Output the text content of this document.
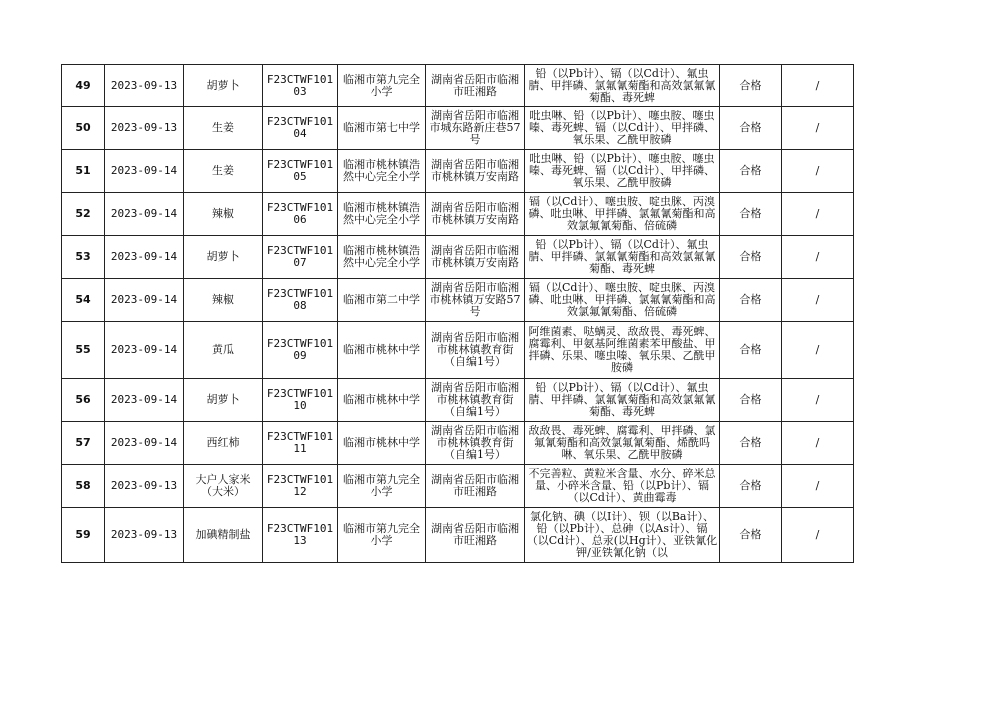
49	2023-09-13	胡萝卜	F23CTWF10103	临湘市第九完全小学	湖南省岳阳市临湘市旺湘路	铅（以Pb计）、镉（以Cd计）、氟虫腈、甲拌磷、氯氟氰菊酯和高效氯氟氰菊酯、毒死蜱	合格	/
50	2023-09-13	生姜	F23CTWF10104	临湘市第七中学	湖南省岳阳市临湘市城东路新庄巷57号	吡虫啉、铅（以Pb计）、噻虫胺、噻虫嗪、毒死蜱、镉（以Cd计）、甲拌磷、氧乐果、乙酰甲胺磷	合格	/
51	2023-09-14	生姜	F23CTWF10105	临湘市桃林镇浩然中心完全小学	湖南省岳阳市临湘市桃林镇万安南路	吡虫啉、铅（以Pb计）、噻虫胺、噻虫嗪、毒死蜱、镉（以Cd计）、甲拌磷、氧乐果、乙酰甲胺磷	合格	/
52	2023-09-14	辣椒	F23CTWF10106	临湘市桃林镇浩然中心完全小学	湖南省岳阳市临湘市桃林镇万安南路	镉（以Cd计）、噻虫胺、啶虫脒、丙溴磷、吡虫啉、甲拌磷、氯氟氰菊酯和高效氯氟氰菊酯、倍硫磷	合格	/
53	2023-09-14	胡萝卜	F23CTWF10107	临湘市桃林镇浩然中心完全小学	湖南省岳阳市临湘市桃林镇万安南路	铅（以Pb计）、镉（以Cd计）、氟虫腈、甲拌磷、氯氟氰菊酯和高效氯氟氰菊酯、毒死蜱	合格	/
54	2023-09-14	辣椒	F23CTWF10108	临湘市第二中学	湖南省岳阳市临湘市桃林镇万安路57号	镉（以Cd计）、噻虫胺、啶虫脒、丙溴磷、吡虫啉、甲拌磷、氯氟氰菊酯和高效氯氟氰菊酯、倍硫磷	合格	/
55	2023-09-14	黄瓜	F23CTWF10109	临湘市桃林中学	湖南省岳阳市临湘市桃林镇教育街（自编1号）	阿维菌素、哒螨灵、敌敌畏、毒死蜱、腐霉利、甲氨基阿维菌素苯甲酸盐、甲拌磷、乐果、噻虫嗪、氧乐果、乙酰甲胺磷	合格	/
56	2023-09-14	胡萝卜	F23CTWF10110	临湘市桃林中学	湖南省岳阳市临湘市桃林镇教育街（自编1号）	铅（以Pb计）、镉（以Cd计）、氟虫腈、甲拌磷、氯氟氰菊酯和高效氯氟氰菊酯、毒死蜱	合格	/
57	2023-09-14	西红柿	F23CTWF10111	临湘市桃林中学	湖南省岳阳市临湘市桃林镇教育街（自编1号）	敌敌畏、毒死蜱、腐霉利、甲拌磷、氯氟氰菊酯和高效氯氟氰菊酯、烯酰吗啉、氧乐果、乙酰甲胺磷	合格	/
58	2023-09-13	大户人家米（大米）	F23CTWF10112	临湘市第九完全小学	湖南省岳阳市临湘市旺湘路	不完善粒、黄粒米含量、水分、碎米总量、小碎米含量、铅（以Pb计）、镉（以Cd计）、黄曲霉毒	合格	/
59	2023-09-13	加碘精制盐	F23CTWF10113	临湘市第九完全小学	湖南省岳阳市临湘市旺湘路	氯化钠、碘（以I计）、钡（以Ba计）、铅（以Pb计）、总砷（以As计）、镉（以Cd计）、总汞(以Hg计）、亚铁氰化钾/亚铁氰化钠（以	合格	/
